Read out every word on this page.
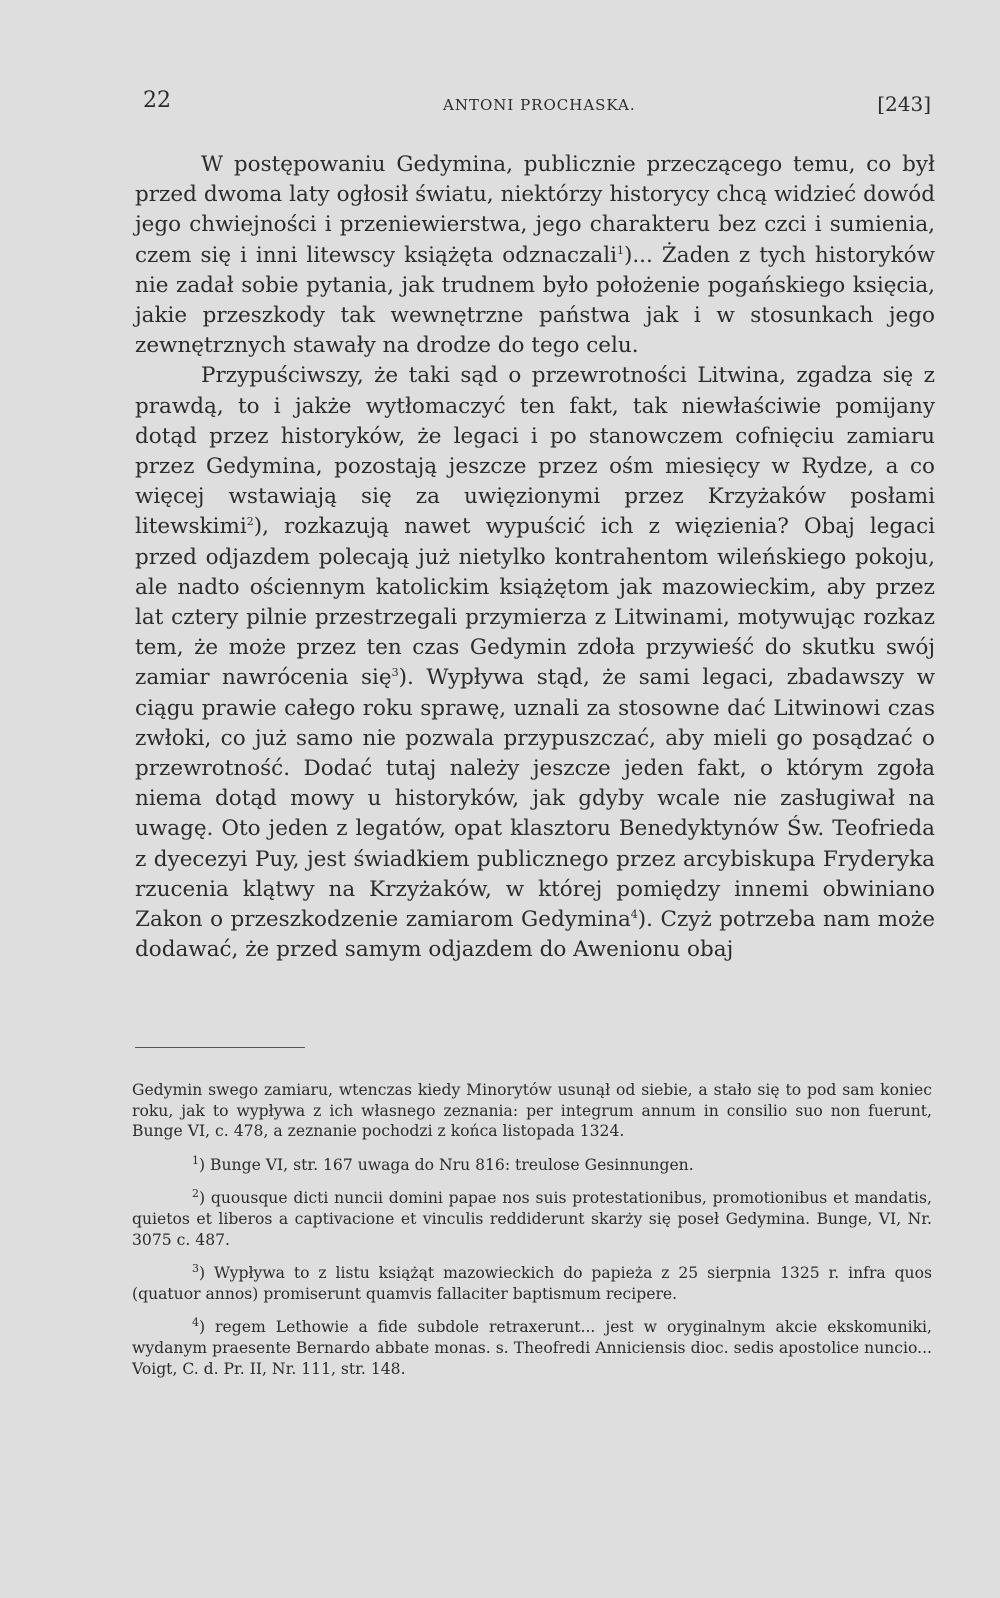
22	ANTONI PROCHASKA.	[243]

W postępowaniu Gedymina, publicznie przeczącego temu, co był przed dwoma laty ogłosił światu, niektórzy historycy chcą widzieć dowód jego chwiejności i przeniewierstwa, jego charakteru bez czci i sumienia, czem się i inni litewscy książęta odznaczali$^1$)... Żaden z tych historyków nie zadał sobie pytania, jak trudnem było położenie pogańskiego księcia, jakie przeszkody tak wewnętrzne państwa jak i w stosunkach jego zewnętrznych stawały na drodze do tego celu.

Przypuściwszy, że taki sąd o przewrotności Litwina, zgadza się z prawdą, to i jakże wytłomaczyć ten fakt, tak niewłaściwie pomijany dotąd przez historyków, że legaci i po stanowczem cofnięciu zamiaru przez Gedymina, pozostają jeszcze przez ośm miesięcy w Rydze, a co więcej wstawiają się za uwięzionymi przez Krzyżaków posłami litewskimi$^2$), rozkazują nawet wypuścić ich z więzienia? Obaj legaci przed odjazdem polecają już nietylko kontrahentom wileńskiego pokoju, ale nadto ościennym katolickim książętom jak mazowieckim, aby przez lat cztery pilnie przestrzegali przymierza z Litwinami, motywując rozkaz tem, że może przez ten czas Gedymin zdoła przywieść do skutku swój zamiar nawrócenia się$^3$). Wypływa stąd, że sami legaci, zbadawszy w ciągu prawie całego roku sprawę, uznali za stosowne dać Litwinowi czas zwłoki, co już samo nie pozwala przypuszczać, aby mieli go posądzać o przewrotność. Dodać tutaj należy jeszcze jeden fakt, o którym zgoła niema dotąd mowy u historyków, jak gdyby wcale nie zasługiwał na uwagę. Oto jeden z legatów, opat klasztoru Benedyktynów Św. Teofrieda z dyecezyi Puy, jest świadkiem publicznego przez arcybiskupa Fryderyka rzucenia klątwy na Krzyżaków, w której pomiędzy innemi obwiniano Zakon o przeszkodzenie zamiarom Gedymina$^4$). Czyż potrzeba nam może dodawać, że przed samym odjazdem do Awenionu obaj

Gedymin swego zamiaru, wtenczas kiedy Minorytów usunął od siebie, a stało się to pod sam koniec roku, jak to wypływa z ich własnego zeznania: per integrum annum in consilio suo non fuerunt, Bunge VI, c. 478, a zeznanie pochodzi z końca listopada 1324.

$^1$) Bunge VI, str. 167 uwaga do Nru 816: treulose Gesinnungen.

$^2$) quousque dicti nuncii domini papae nos suis protestationibus, promotionibus et mandatis, quietos et liberos a captivacione et vinculis reddiderunt skarży się poseł Gedymina. Bunge, VI, Nr. 3075 c. 487.

$^3$) Wypływa to z listu książąt mazowieckich do papieża z 25 sierpnia 1325 r. infra quos (quatuor annos) promiserunt quamvis fallaciter baptismum recipere.

$^4$) regem Lethowie a fide subdole retraxerunt... jest w oryginalnym akcie ekskomuniki, wydanym praesente Bernardo abbate monas. s. Theofredi Anniciensis dioc. sedis apostolice nuncio... Voigt, C. d. Pr. II, Nr. 111, str. 148.
